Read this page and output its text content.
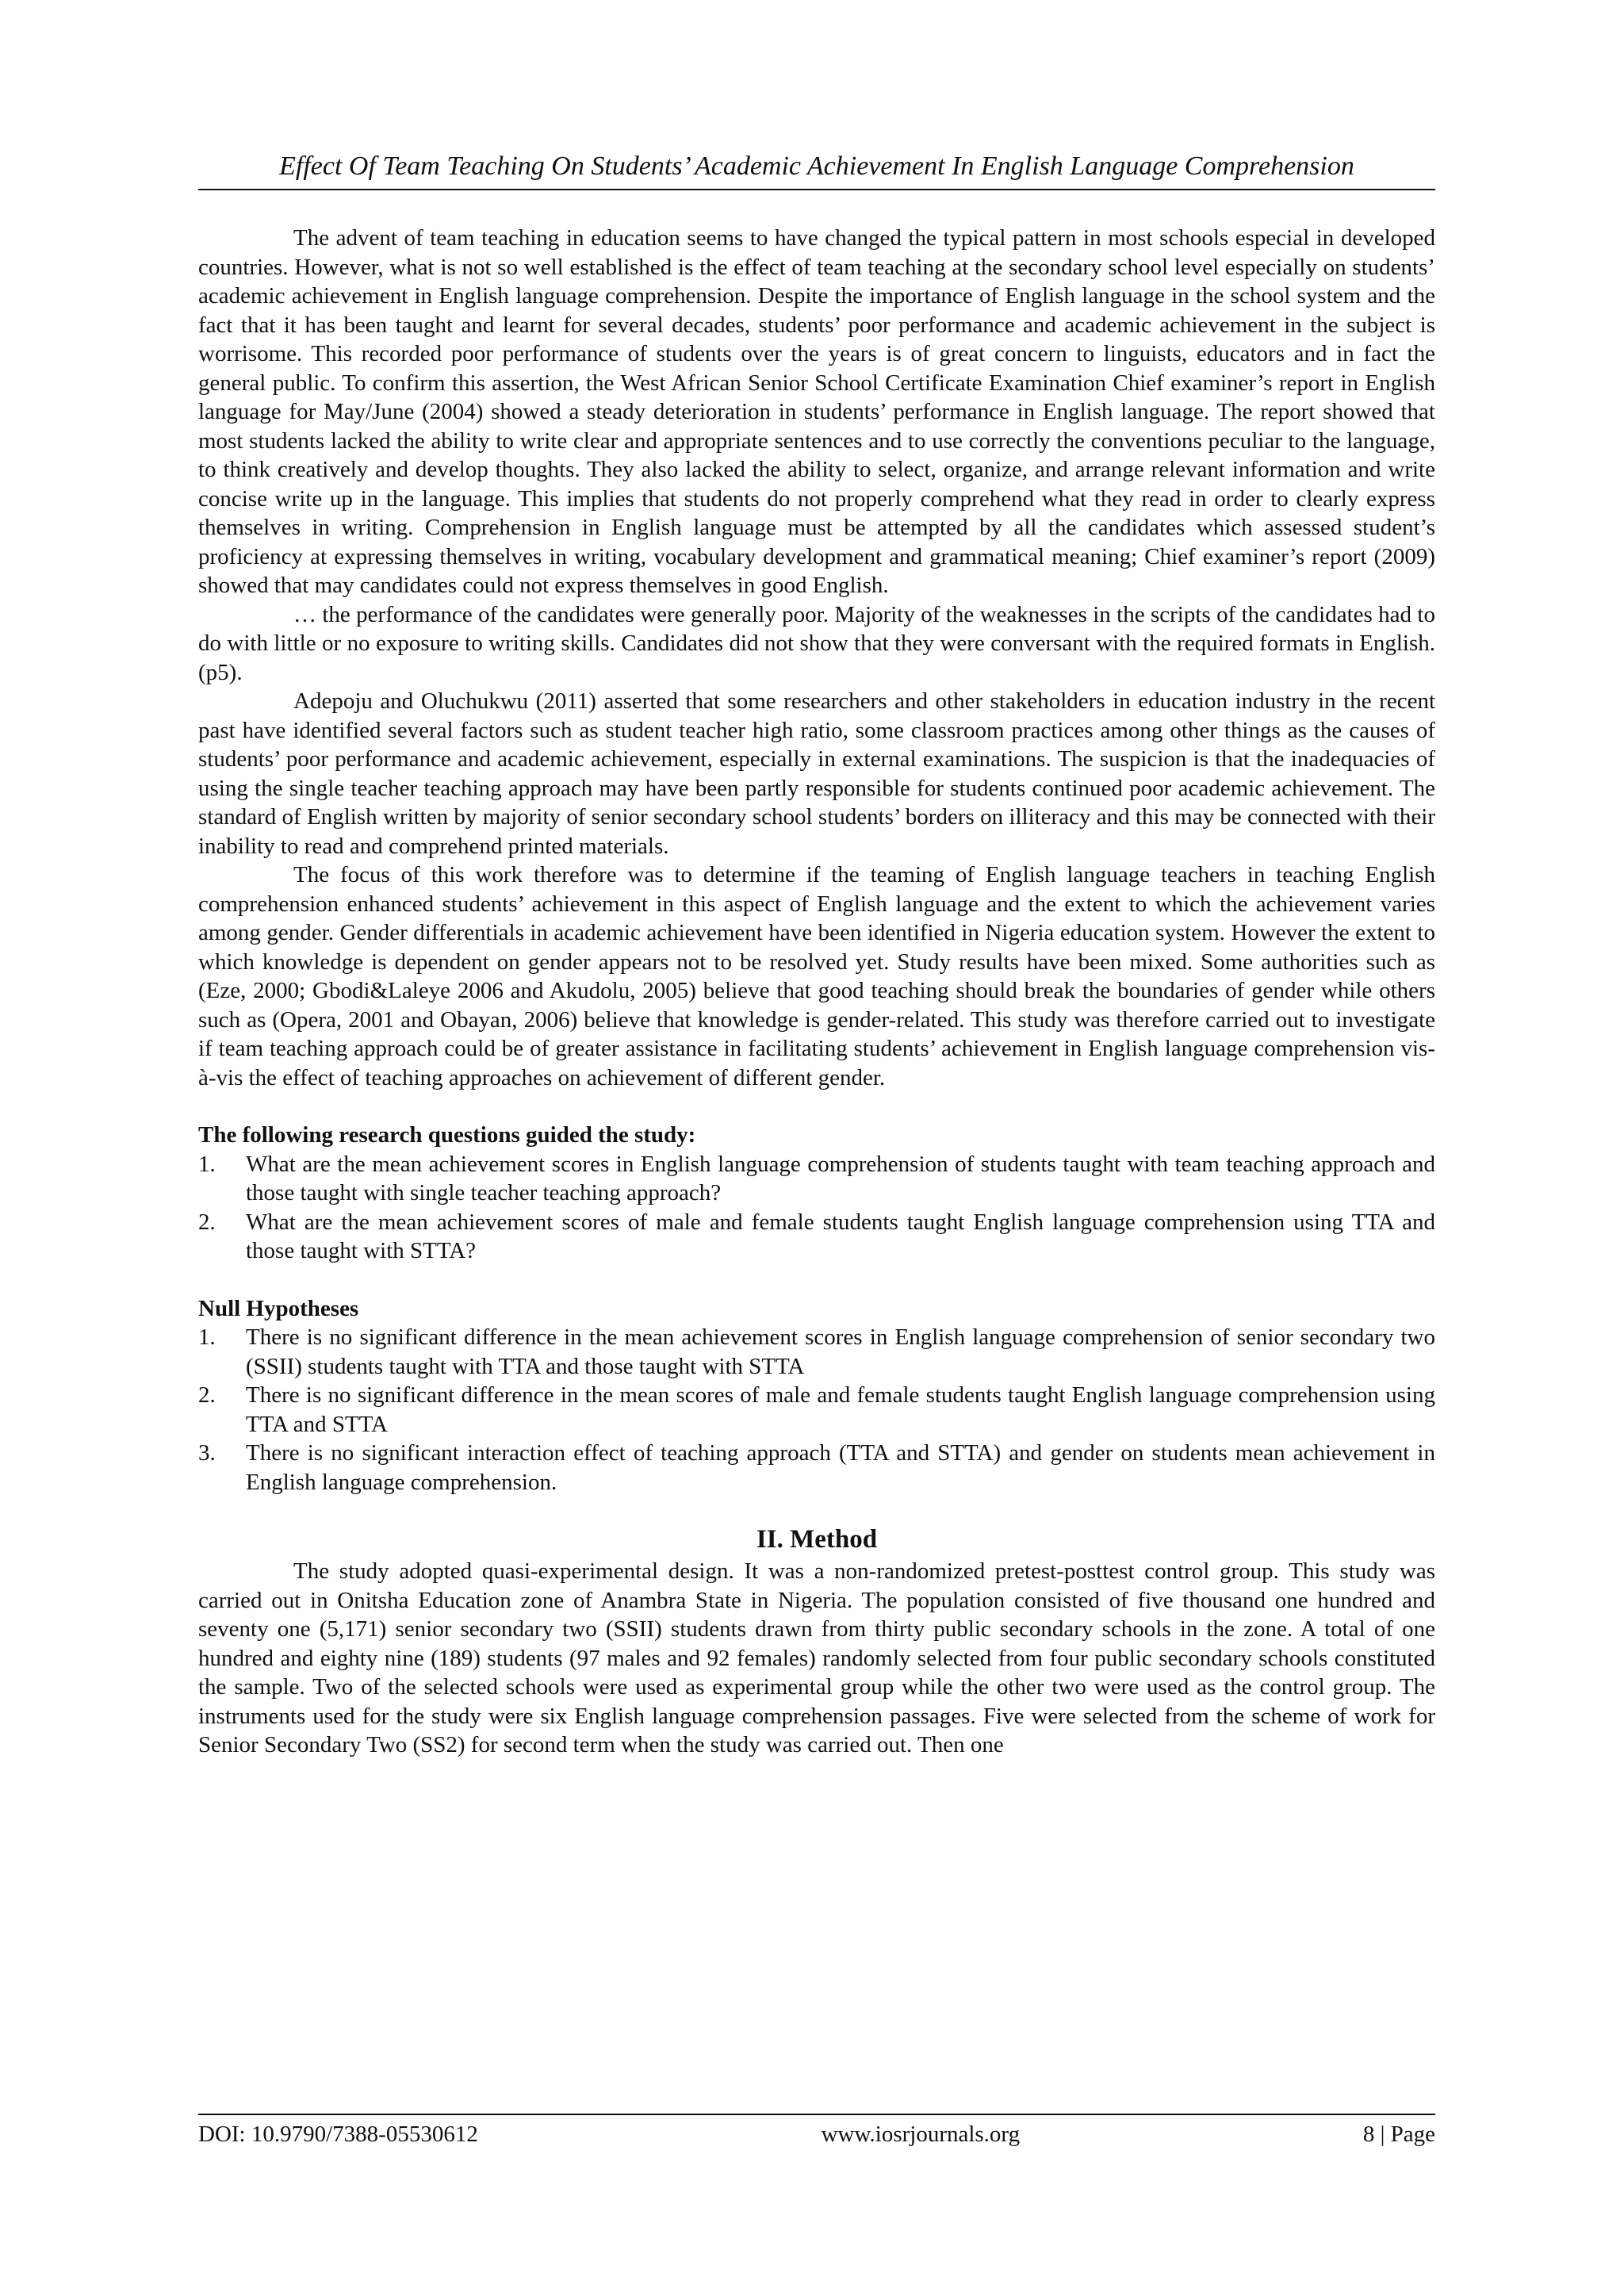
Effect Of Team Teaching On Students’ Academic Achievement In English Language Comprehension

The advent of team teaching in education seems to have changed the typical pattern in most schools especial in developed countries. However, what is not so well established is the effect of team teaching at the secondary school level especially on students’ academic achievement in English language comprehension. Despite the importance of English language in the school system and the fact that it has been taught and learnt for several decades, students’ poor performance and academic achievement in the subject is worrisome. This recorded poor performance of students over the years is of great concern to linguists, educators and in fact the general public. To confirm this assertion, the West African Senior School Certificate Examination Chief examiner’s report in English language for May/June (2004) showed a steady deterioration in students’ performance in English language. The report showed that most students lacked the ability to write clear and appropriate sentences and to use correctly the conventions peculiar to the language, to think creatively and develop thoughts. They also lacked the ability to select, organize, and arrange relevant information and write concise write up in the language. This implies that students do not properly comprehend what they read in order to clearly express themselves in writing. Comprehension in English language must be attempted by all the candidates which assessed student’s proficiency at expressing themselves in writing, vocabulary development and grammatical meaning; Chief examiner’s report (2009) showed that may candidates could not express themselves in good English.

… the performance of the candidates were generally poor. Majority of the weaknesses in the scripts of the candidates had to do with little or no exposure to writing skills. Candidates did not show that they were conversant with the required formats in English. (p5).

Adepoju and Oluchukwu (2011) asserted that some researchers and other stakeholders in education industry in the recent past have identified several factors such as student teacher high ratio, some classroom practices among other things as the causes of students’ poor performance and academic achievement, especially in external examinations. The suspicion is that the inadequacies of using the single teacher teaching approach may have been partly responsible for students continued poor academic achievement. The standard of English written by majority of senior secondary school students’ borders on illiteracy and this may be connected with their inability to read and comprehend printed materials.

The focus of this work therefore was to determine if the teaming of English language teachers in teaching English comprehension enhanced students’ achievement in this aspect of English language and the extent to which the achievement varies among gender. Gender differentials in academic achievement have been identified in Nigeria education system. However the extent to which knowledge is dependent on gender appears not to be resolved yet. Study results have been mixed. Some authorities such as (Eze, 2000; Gbodi&Laleye 2006 and Akudolu, 2005) believe that good teaching should break the boundaries of gender while others such as (Opera, 2001 and Obayan, 2006) believe that knowledge is gender-related. This study was therefore carried out to investigate if team teaching approach could be of greater assistance in facilitating students’ achievement in English language comprehension vis-à-vis the effect of teaching approaches on achievement of different gender.

The following research questions guided the study:

1. What are the mean achievement scores in English language comprehension of students taught with team teaching approach and those taught with single teacher teaching approach?
2. What are the mean achievement scores of male and female students taught English language comprehension using TTA and those taught with STTA?

Null Hypotheses

1. There is no significant difference in the mean achievement scores in English language comprehension of senior secondary two (SSII) students taught with TTA and those taught with STTA
2. There is no significant difference in the mean scores of male and female students taught English language comprehension using TTA and STTA
3. There is no significant interaction effect of teaching approach (TTA and STTA) and gender on students mean achievement in English language comprehension.

II. Method

The study adopted quasi-experimental design. It was a non-randomized pretest-posttest control group. This study was carried out in Onitsha Education zone of Anambra State in Nigeria. The population consisted of five thousand one hundred and seventy one (5,171) senior secondary two (SSII) students drawn from thirty public secondary schools in the zone. A total of one hundred and eighty nine (189) students (97 males and 92 females) randomly selected from four public secondary schools constituted the sample. Two of the selected schools were used as experimental group while the other two were used as the control group. The instruments used for the study were six English language comprehension passages. Five were selected from the scheme of work for Senior Secondary Two (SS2) for second term when the study was carried out. Then one

DOI: 10.9790/7388-05530612	www.iosrjournals.org	8 | Page
